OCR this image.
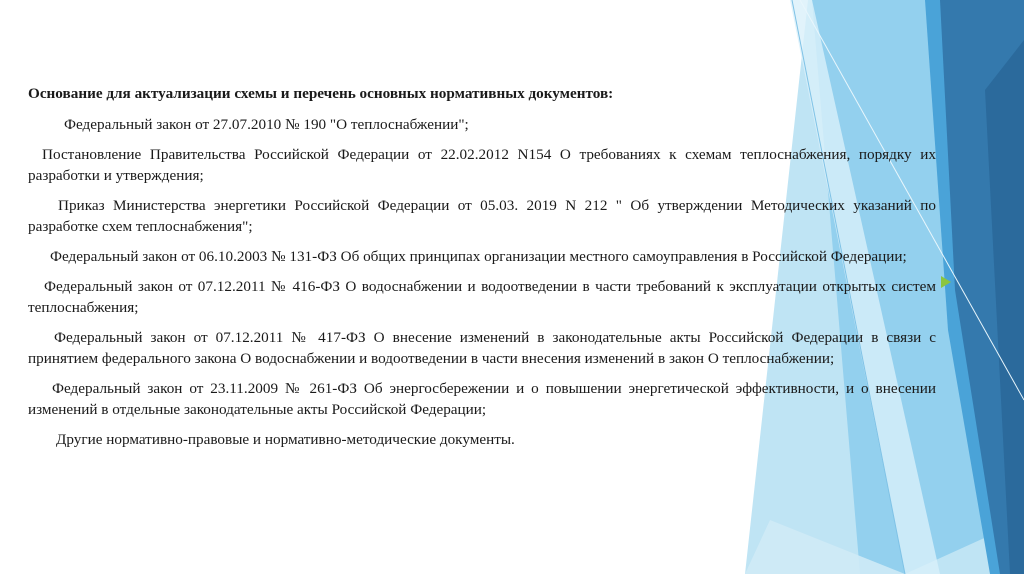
Основание для актуализации схемы и перечень основных нормативных документов:

Федеральный закон от 27.07.2010 № 190 "О теплоснабжении";

Постановление Правительства Российской Федерации от 22.02.2012 N154 О требованиях к схемам теплоснабжения, порядку их разработки и утверждения;

Приказ Министерства энергетики Российской Федерации от 05.03. 2019 N 212 " Об утверждении Методических указаний по разработке схем теплоснабжения";

Федеральный закон от 06.10.2003 № 131-ФЗ Об общих принципах организации местного самоуправления в Российской Федерации;

Федеральный закон от 07.12.2011 № 416-ФЗ О водоснабжении и водоотведении в части требований к эксплуатации открытых систем теплоснабжения;

Федеральный закон от 07.12.2011 № 417-ФЗ О внесение изменений в законодательные акты Российской Федерации в связи с принятием федерального закона О водоснабжении и водоотведении в части внесения изменений в закон О теплоснабжении;

Федеральный закон от 23.11.2009 № 261-ФЗ Об энергосбережении и о повышении энергетической эффективности, и о внесении изменений в отдельные законодательные акты Российской Федерации;

Другие нормативно-правовые и нормативно-методические документы.
